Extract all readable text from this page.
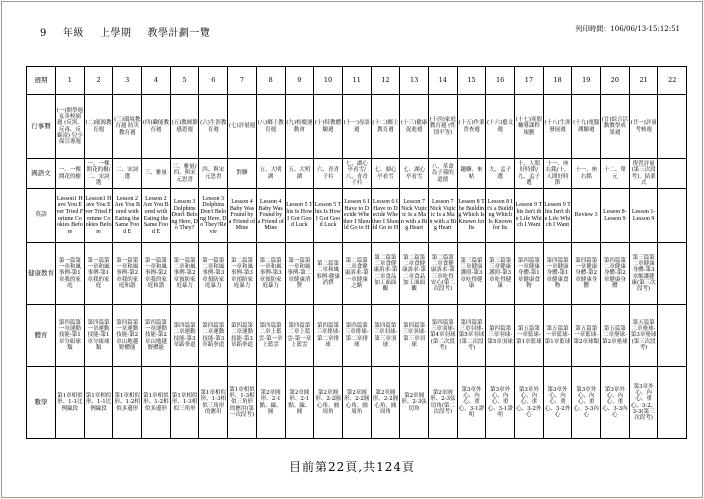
9 年級 上學期 教學計劃一覽	列印時間：106/06/13-15:12:51
週期	1	2	3	4	5	6	7	8	9	10	11	12	13	14	15	16	17	18	19	20	21	22
行事曆	(一)開學週 友善校園週 (反黑、反毒、反霸凌) 兒少保宣導週	(二)能源教育週	(三)環境教育週 防災教育週	(四)職能教育週	(五)教師節感恩週	(六)生涯教育週	(七)評量週	(八)鄉土教育週	(九)校慶運動會	(十)特教體驗週	(十一)母語週	(十二)鄉土教育週	(十三)健康促進週	(十四)家庭教育週 (性別平等)	(十五)作業普查週	(十六)藝文週	(十七)寒假輔導課程規劃	(十八)生涯發展週	(十九)電腦測驗週	(廿)綜合活動教學成果週	(廿一)評量考核週	
國語文	一、一棵開花的樹	一、一棵開花的樹/二、宋詞選	二、宋詞選	三、雅量	三、雅量/四、與宋元思書	四、與宋元思書	對聯	五、大明湖	五、大明湖	六、青青子衿	七、湖心亭看雪/八、青青子衿	七、湖心亭看雪	七、湖心亭看雪	八、革命為子孫的道德	趣聯、來帖	九、孟子選	十、人間好時節/九、孟子選	十一、座右銘/十、人間好時節	十一、座右銘	十二、單元	復習評量(第三次段考)、結業式	
英語	Lesson1 Have You Ever Tried Fortune Cookies Before	Lesson1 Have You Ever Tried Fortune Cookies Before	Lesson 2 Are You Bored with Eating the Same Food E	Lesson 2 Are You Bored with Eating the Same Food E	Lesson 3 Dolphins Don't Belong Here, Do They?	Lesson 3 Dolphins Don't Belong Here, Do They?Re vie	Lesson 4 Baby Was Found by a Friend of Mine	Lesson 4 Baby Was Found by a Friend of Mine	Lesson 5 This Is How I Got Good Luck	Lesson 5 This Is How I Got Good Luck	Lesson 6 I Have to Decide Whether I Should Go to H	Lesson 6 I Have to Decide Whether I Should Go to H	Lesson 7 Nick Vujicic Is a Man with a Big Heart	Lesson 7 Nick Vujicic Is a Man with a Big Heart	Lesson 8 The Building Which Is Known for Its	Lesson 8 It's a Building Which Is Known for Its	Lesson 9 This Isn't the Life Which I Want	Lesson 9 This Isn't the Life Which I Want	Review 3	Lesson 8-Lesson 9	Lesson 1-Lesson 9	
健康教育	第一篇第一章和風事例-第1章我的家庭	第一篇第一章和風事例-第1章我的家庭	第一篇第一章和風事例-第2章我的家庭和諧	第一篇第一章和風事例-第2章我的家庭和諧	第一篇第二章和風事例-第2章預防家庭暴力	第一篇第二章和風事例-第3章預防家庭暴力	第二篇第一章和風事例-第3章預防家庭暴力	第二篇第一章和風事例-第3章預防家庭暴力	第一篇第一章和風事例-第二章健康消費	第二篇第二章和風事例-健康消費	第二篇第二章食健康訴求-第一章健康之路	第二篇第二章食健康訴求-第二章食品加工面面觀	第二篇第二章食健康訴求-第二章食品加工面面觀	第二篇第二章食健康訴求-第三章吃得安心(第二次段考)	第三篇第三章健康護照-第3章吃得健康	第三篇第三章健康護照-第3章吃得健康	第四篇第一章健康身體-第1章健康食物	第四篇第一章健康身體-第1章健康食物	第四篇第一章健康身體-第2章健康身體	第四篇第二章健康身體-第2章健康身體	第三篇第二章健康身體-第3章維護健康(第三次段考)	
體育	第四篇第一章運動技能-第1章分組球類	第四篇第一章運動技能-第1章分組球類	第四篇第一章運動技能-第2章山地越野體能	第四篇第一章運動技能-第2章山地越野體能	第四篇第二章運動技能-第3章跆拳道	第四篇第二章運動技能-第3章跆拳道	第四篇第二章運動技能-第3章跆拳道	第四篇第二章上籃雲-第一章上籃雲	第四篇第二章上籃雲-第一章上籃雲	第四篇第三章排球-第二章排球	第四篇第三章排球-第二章排球	第四篇第三章羽球-第三章羽球	第四篇第三章羽球-第三章羽球	第四篇第三章羽球-第4章羽球(第二次段考)	第四篇第三章羽球-第5章羽球(第二次段考)	第四篇第三章羽球-第5章羽球	第五篇第一章籃球-第1章籃球	第五篇第一章籃球-第1章籃球	第五篇第一章籃球-第2章球類	第五篇第二章壘球-第2章壘球	第五篇第二章壘球-第3章壘球(第三次段考)	
數學	第1章相似形、1-1比例線段	第1章相似形、1-1比例線段	第1章相似形、1-2相似多邊形	第1章相似形、1-2相似多邊形	第1章相似形、1-3相似三角形	第1章相似形、1-3相似三角形的應用	第1章相似形、1-3相似三角形的應用(第一次段考)	第2章圓形、2-1點、線、圓	第2章圓形、2-1點、線、圓	第2章圓形、2-2圓心角、圓周角	第2章圓形、2-2圓心角、圓周角	第2章圓形、2-2圓心角、圓周角	第2章圓形、2-3弦切角	第2章圓形、2-3弦切角(第二次段考)	第3章外心、內心、重心、3-1證明	第3章外心、內心、重心、3-1證明	第3章外心、內心、重心、3-2外心	第3章外心、內心、重心、3-2外心	第3章外心、內心、重心、3-3內心	第3章外心、內心、重心、3-3內心	第3章外心、內心、重心、3-2、3-3(第三次段考)	
目前第22頁,共124頁
